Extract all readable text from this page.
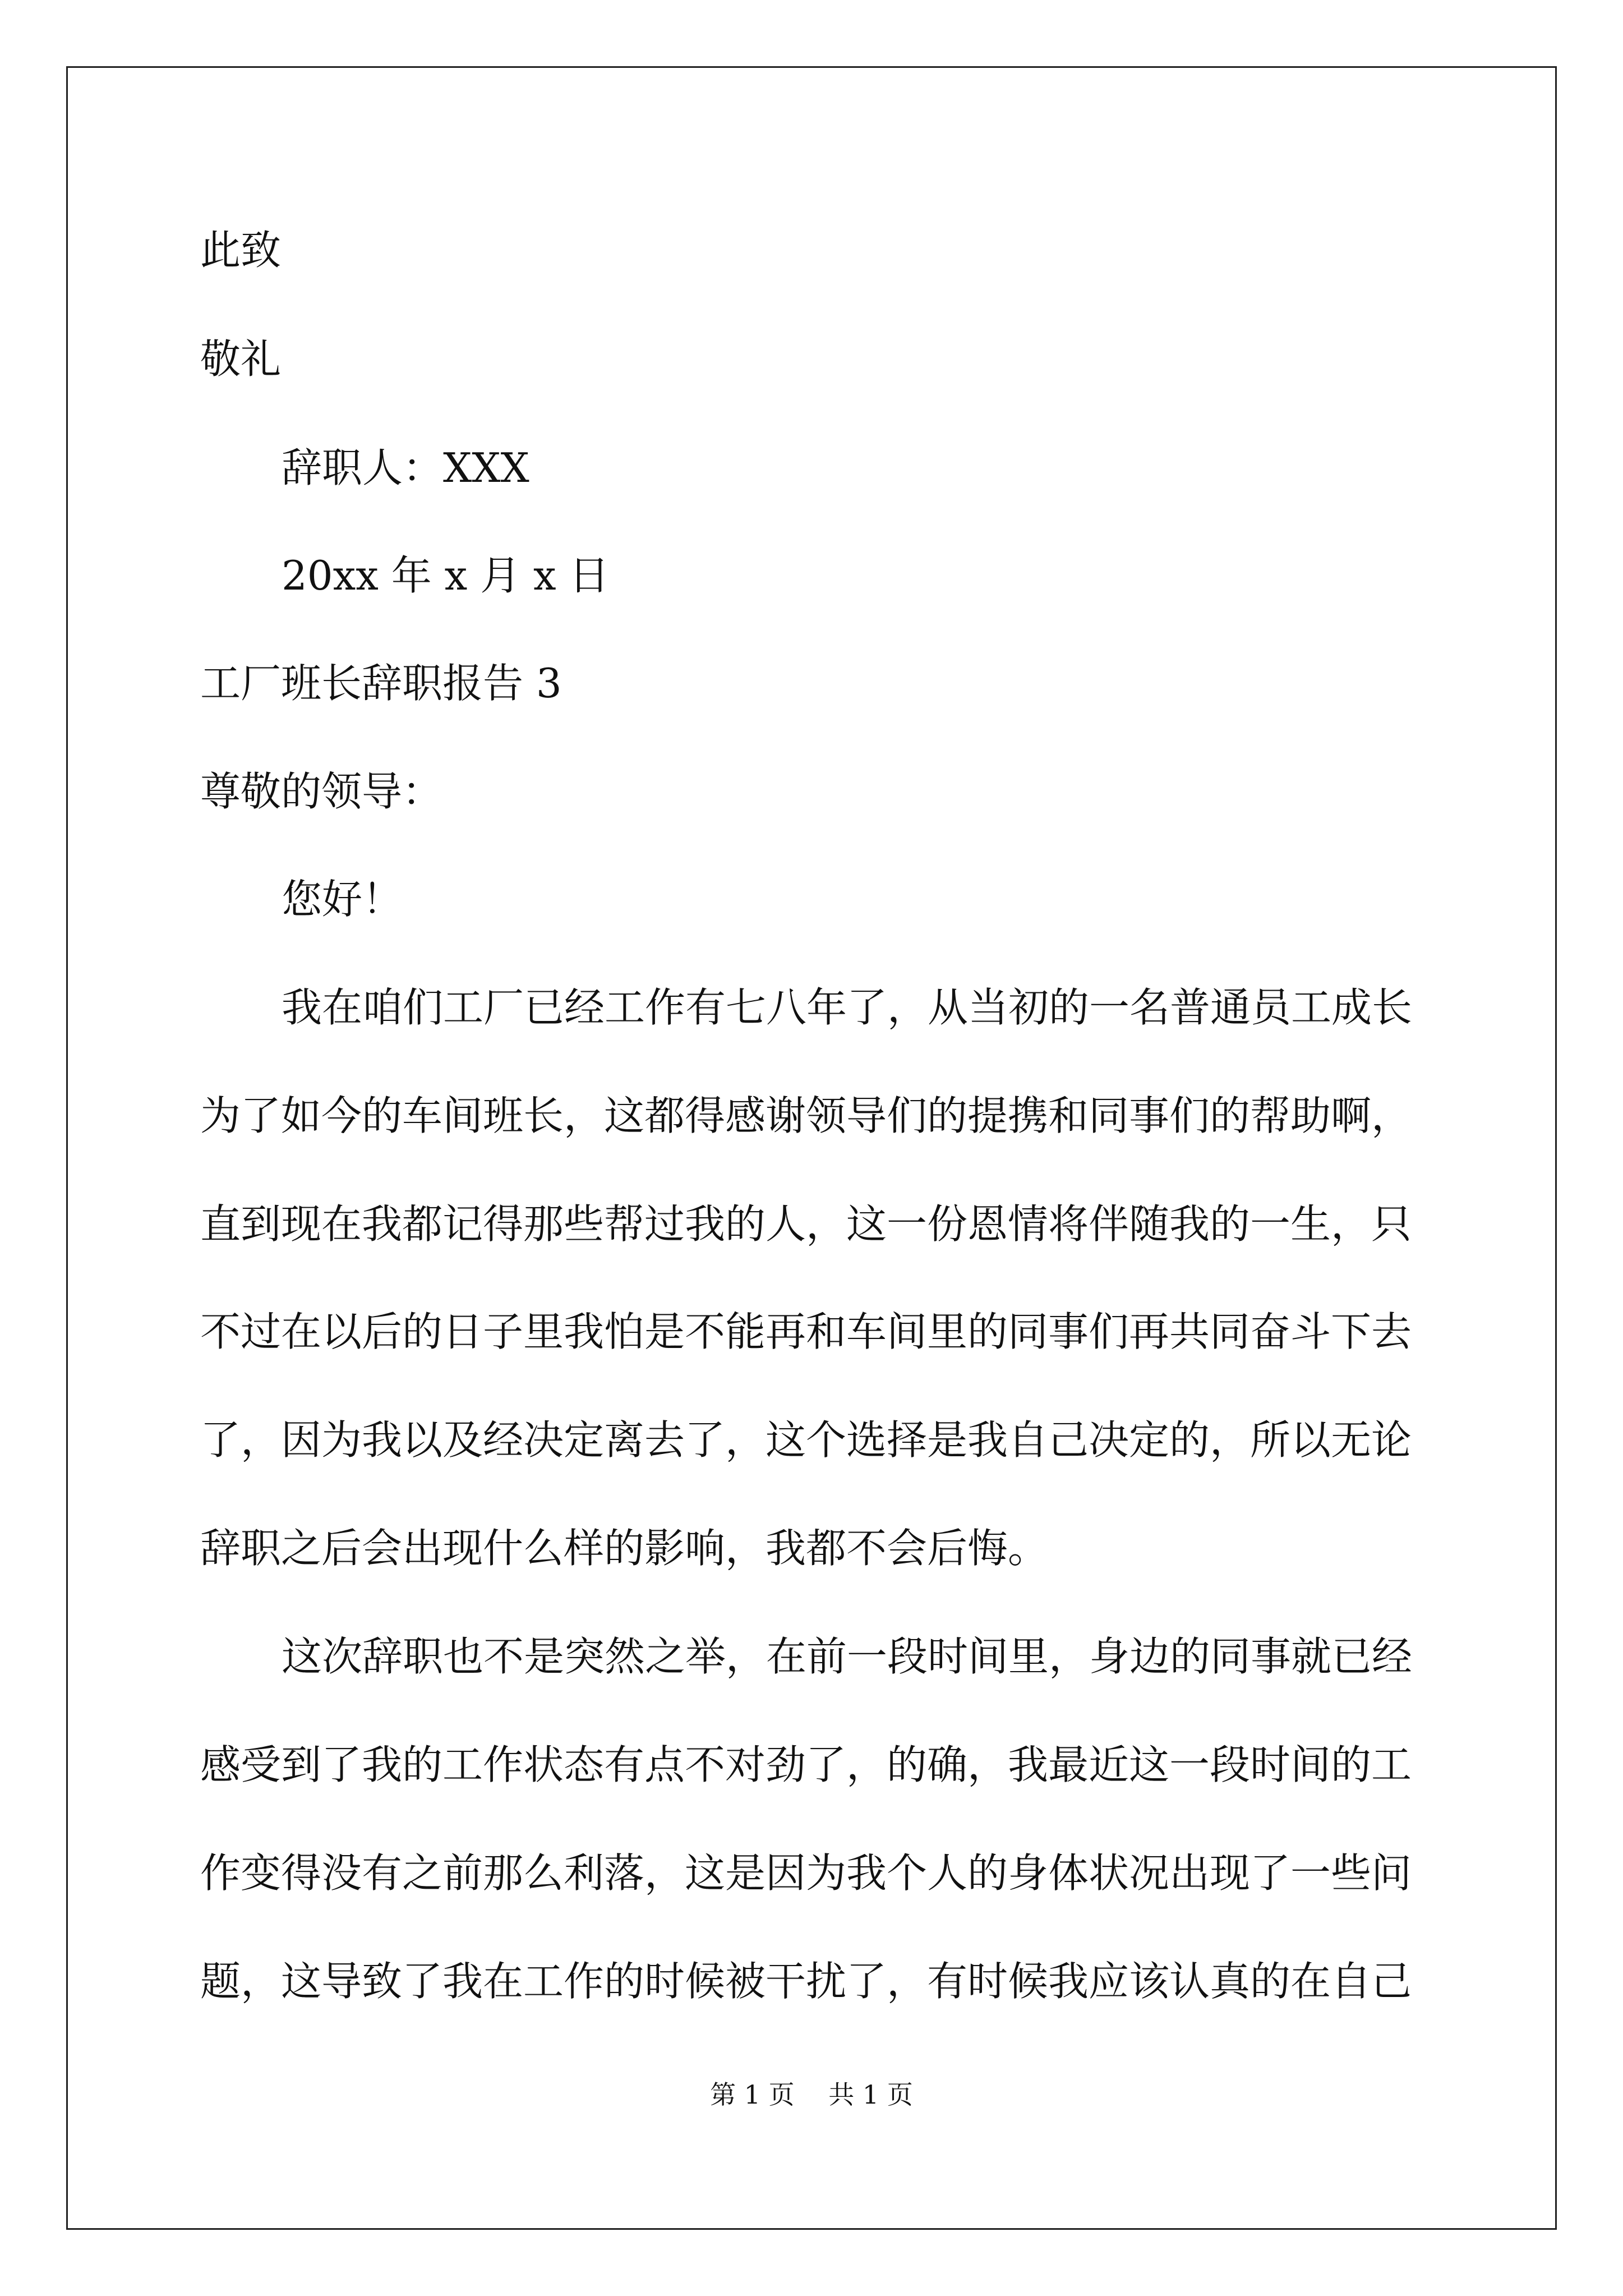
此致
敬礼
辞职人：XXX
20xx 年 x 月 x 日
工厂班长辞职报告 3
尊敬的领导：
您好！
我在咱们工厂已经工作有七八年了，从当初的一名普通员工成长
为了如今的车间班长，这都得感谢领导们的提携和同事们的帮助啊，
直到现在我都记得那些帮过我的人，这一份恩情将伴随我的一生，只
不过在以后的日子里我怕是不能再和车间里的同事们再共同奋斗下去
了，因为我以及经决定离去了，这个选择是我自己决定的，所以无论
辞职之后会出现什么样的影响，我都不会后悔。
这次辞职也不是突然之举，在前一段时间里，身边的同事就已经
感受到了我的工作状态有点不对劲了，的确，我最近这一段时间的工
作变得没有之前那么利落，这是因为我个人的身体状况出现了一些问
题，这导致了我在工作的时候被干扰了，有时候我应该认真的在自己
第 1 页　 共 1 页
